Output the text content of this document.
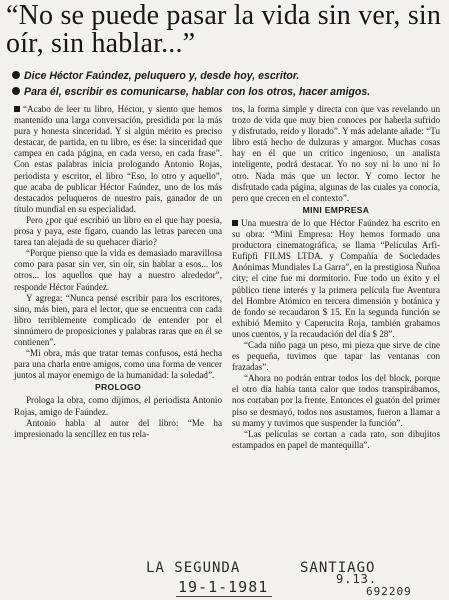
“No se puede pasar la vida sin ver, sin oír, sin hablar...”
Dice Héctor Faúndez, peluquero y, desde hoy, escritor.
Para él, escribir es comunicarse, hablar con los otros, hacer amigos.

“Acabo de leer tu libro, Héctor, y siento que hemos mantenido una larga conversación, presidida por la más pura y honesta sinceridad. Y si algún mérito es preciso destacar, de partida, en tu libro, es ése: la sinceridad que campea en cada página, en cada verso, en cada frase”. Con estas palabras inicia prologando Antonio Rojas, periodista y escritor, el libro “Eso, lo otro y aquello”, que acaba de publicar Héctor Faúndez, uno de los más destacados peluqueros de nuestro país, ganador de un título mundial en su especialidad.

Pero ¿por qué escribió un libro en el que hay poesía, prosa y paya, este fígaro, cuando las letras parecen una tarea tan alejada de su quehacer diario?

“Porque pienso que la vida es demasiado maravillosa como para pasar sin ver, sin oír, sin hablar a esos... los otros... los aquellos que hay a nuestro alrededor”, responde Héctor Faúndez.

Y agrega: “Nunca pensé escribir para los escritores, sino, más bien, para el lector, que se encuentra con cada libro terriblemente complicado de entender por el sinnúmero de proposiciones y palabras raras que en él se contienen”.

“Mi obra, más que tratar temas confusos, está hecha para una charla entre amigos, como una forma de vencer juntos al mayor enemigo de la humanidad: la soledad”.

PROLOGO

Prologa la obra, como dijimos, el periodista Antonio Rojas, amigo de Faúndez.

Antonio habla al autor del libro: “Me ha impresionado la sencillez en tus rela-

tos, la forma simple y directa con que vas revelando un trozo de vida que muy bien conoces por haberla sufrido y disfrutado, reído y llorado”. Y más adelante añade: “Tu libro está hecho de dulzuras y amargor. Muchas cosas hay en él que un crítico ingenioso, un analista inteligente, podrá destacar. Yo no soy ni lo uno ni lo otro. Nada más que un lector. Y como lector he disfrutado cada página, algunas de las cuales ya conocía, pero que crecen en el contexto”.

MINI EMPRESA

Una muestra de lo que Héctor Faúndez ha escrito en su obra: “Mini Empresa: Hoy hemos formado una productora cinematográfica, se llama “Películas Arfi-Eufipfi FILMS LTDA. y Compañía de Sociedades Anónimas Mundiales La Garra”, en la prestigiosa Ñuñoa city; el cine fue mi dormitorio. Fue todo un éxito y el público tiene interés y la primera película fue Aventura del Hombre Atómico en tercera dimensión y botánica y de fondo se recaudaron $ 15. En la segunda función se exhibió Memito y Caperucita Roja, también grabamos unos cuentos, y la recaudación del día $ 28”.

“Cada niño paga un peso, mi pieza que sirve de cine es pequeña, tuvimos que tapar las ventanas con frazadas”.

“Ahora no podrán entrar todos los del block, porque el otro día había tanta calor que todos transpirábamos, nos cortaban por la frente. Entonces el guatón del primer piso se desmayó, todos nos asustamos, fueron a llamar a su mamy y tuvimos que suspender la función”.

“Las películas se cortan a cada rato, son dibujitos estampados en papel de mantequilla”.

LA SEGUNDA	SANTIAGO
19-1-1981	9.13.
692209
